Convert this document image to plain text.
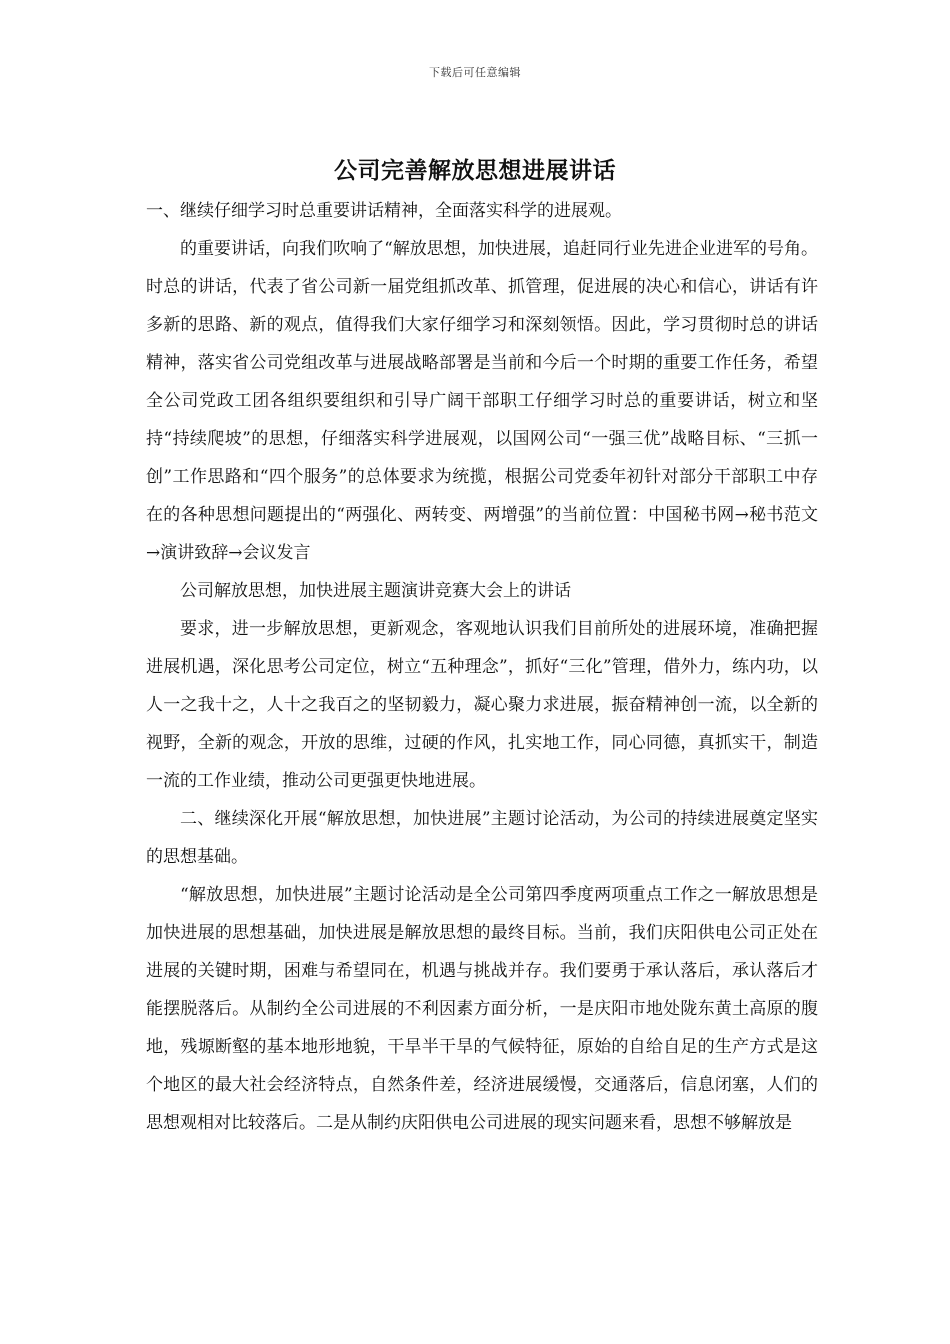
下载后可任意编辑
公司完善解放思想进展讲话

一、继续仔细学习时总重要讲话精神，全面落实科学的进展观。

的重要讲话，向我们吹响了“解放思想，加快进展，追赶同行业先进企业进军的号角。时总的讲话，代表了省公司新一届党组抓改革、抓管理，促进展的决心和信心，讲话有许多新的思路、新的观点，值得我们大家仔细学习和深刻领悟。因此，学习贯彻时总的讲话精神，落实省公司党组改革与进展战略部署是当前和今后一个时期的重要工作任务，希望全公司党政工团各组织要组织和引导广阔干部职工仔细学习时总的重要讲话，树立和坚持“持续爬坡”的思想，仔细落实科学进展观，以国网公司“一强三优”战略目标、“三抓一创”工作思路和“四个服务”的总体要求为统揽，根据公司党委年初针对部分干部职工中存在的各种思想问题提出的“两强化、两转变、两增强”的当前位置：中国秘书网→秘书范文→演讲致辞→会议发言

公司解放思想，加快进展主题演讲竞赛大会上的讲话

要求，进一步解放思想，更新观念，客观地认识我们目前所处的进展环境，准确把握进展机遇，深化思考公司定位，树立“五种理念”，抓好“三化”管理，借外力，练内功，以人一之我十之，人十之我百之的坚韧毅力，凝心聚力求进展，振奋精神创一流，以全新的视野，全新的观念，开放的思维，过硬的作风，扎实地工作，同心同德，真抓实干，制造一流的工作业绩，推动公司更强更快地进展。

二、继续深化开展“解放思想，加快进展”主题讨论活动，为公司的持续进展奠定坚实的思想基础。

“解放思想，加快进展”主题讨论活动是全公司第四季度两项重点工作之一解放思想是加快进展的思想基础，加快进展是解放思想的最终目标。当前，我们庆阳供电公司正处在进展的关键时期，困难与希望同在，机遇与挑战并存。我们要勇于承认落后，承认落后才能摆脱落后。从制约全公司进展的不利因素方面分析，一是庆阳市地处陇东黄土高原的腹地，残塬断壑的基本地形地貌，干旱半干旱的气候特征，原始的自给自足的生产方式是这个地区的最大社会经济特点，自然条件差，经济进展缓慢，交通落后，信息闭塞，人们的思想观相对比较落后。二是从制约庆阳供电公司进展的现实问题来看，思想不够解放是
